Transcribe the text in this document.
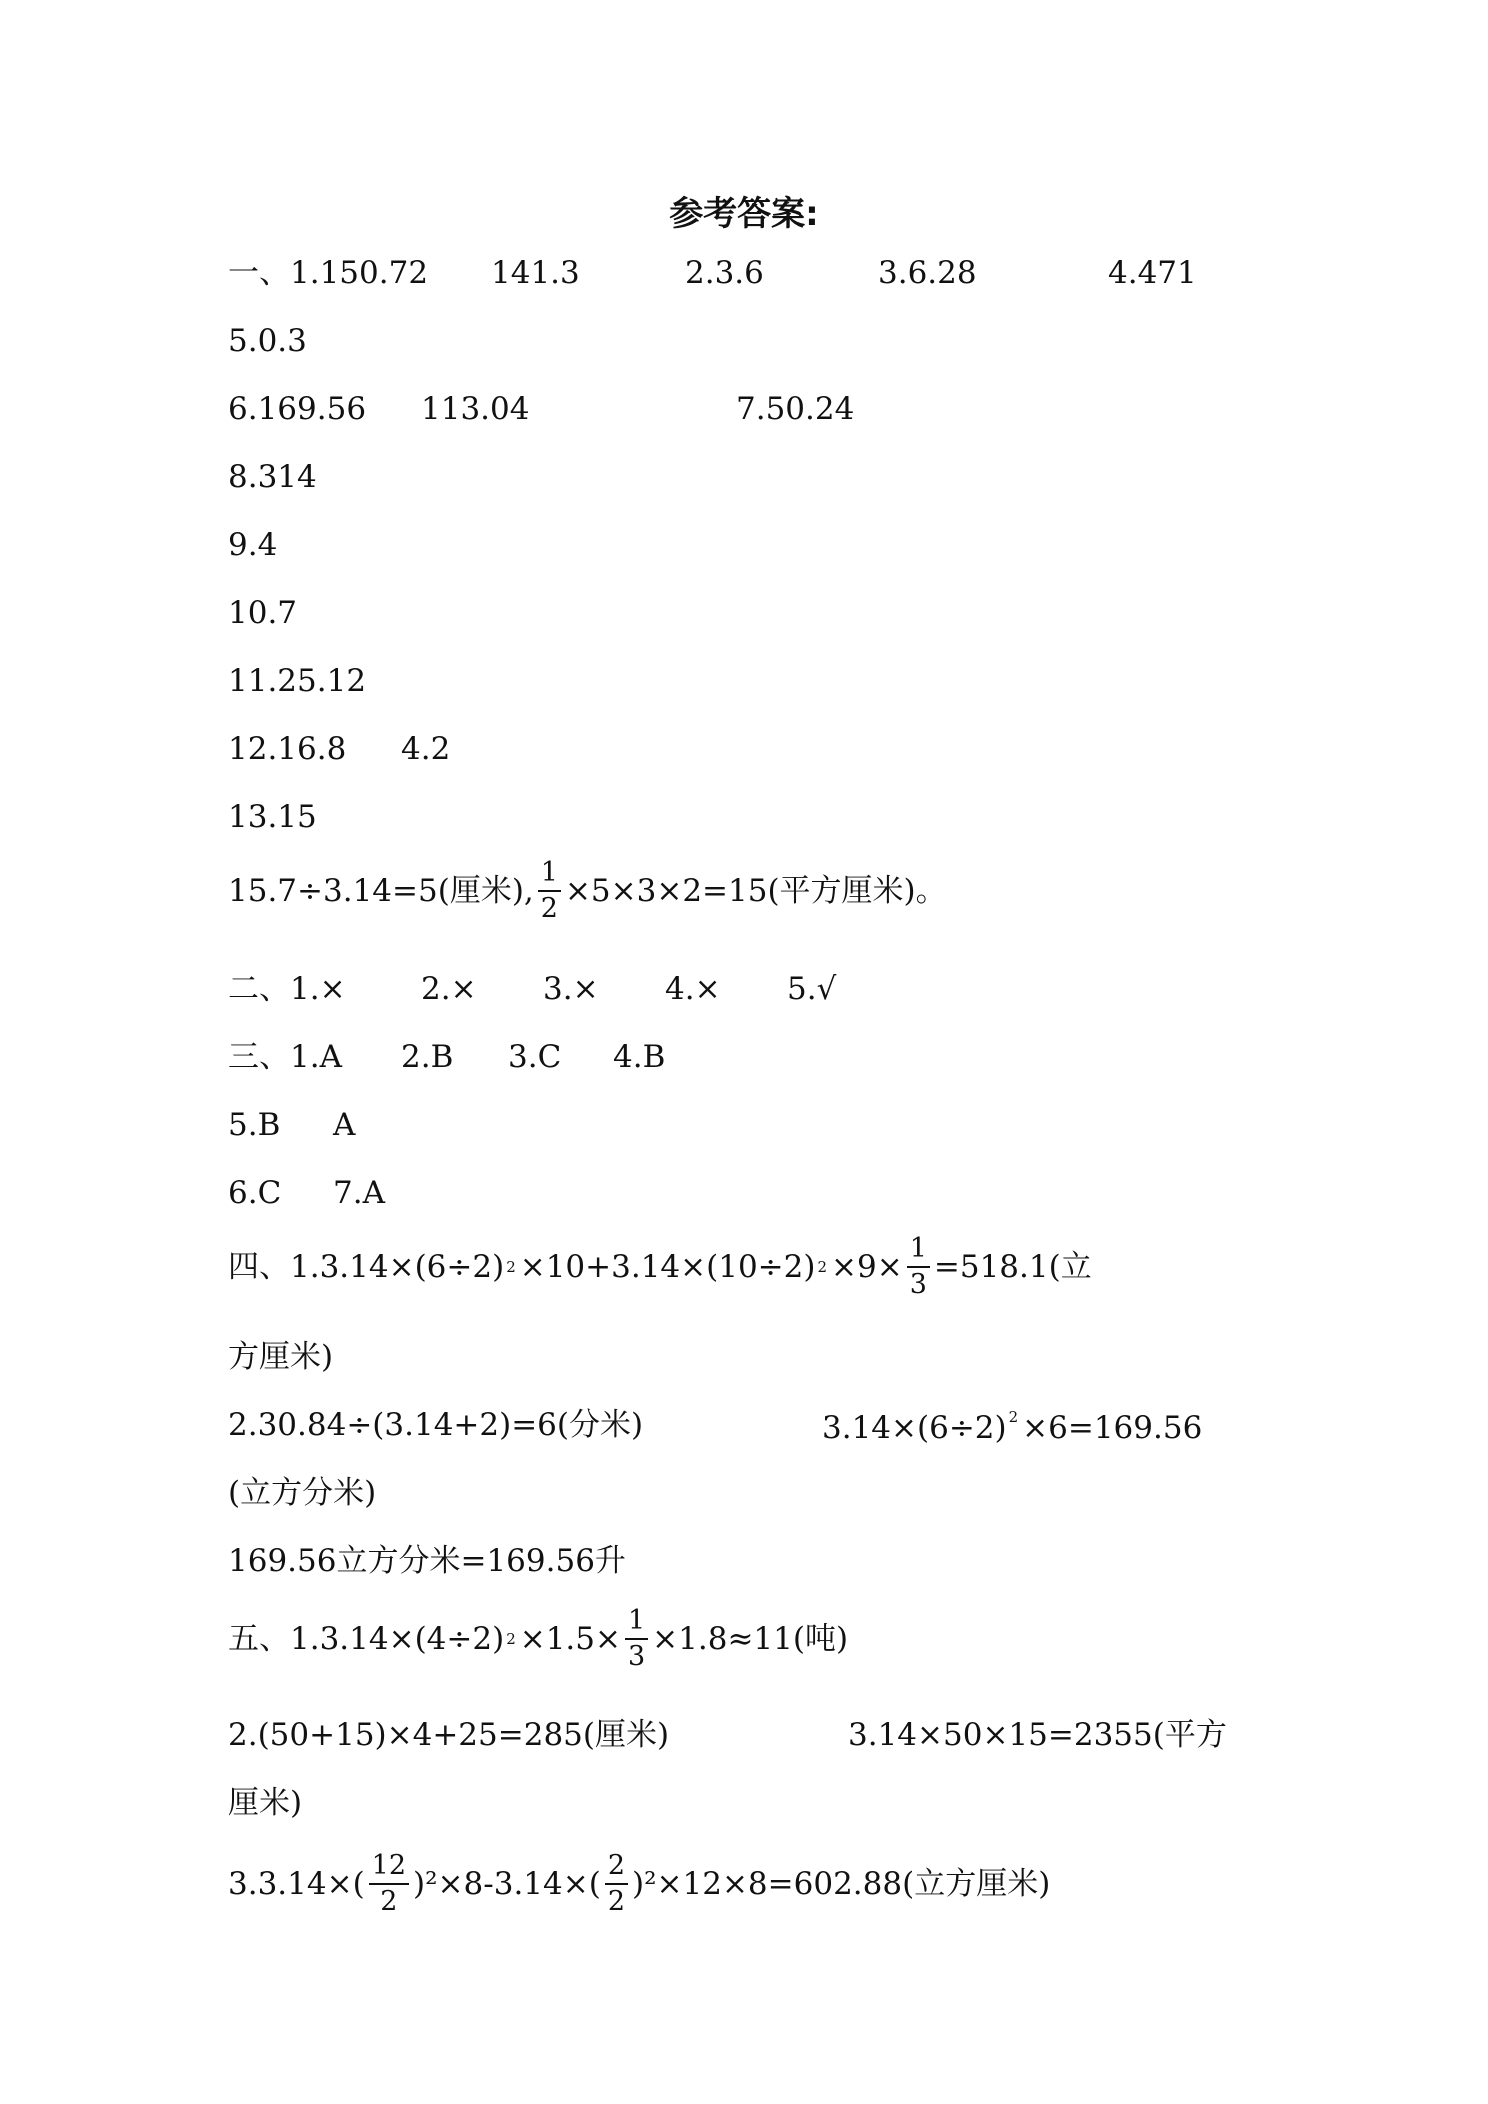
参考答案:
一、1.150.72 141.3	2.3.6	3.6.28	4.471
5.0.3
6.169.56 113.04	7.50.24
8.314
9.4
10.7
11.25.12
12.16.8 4.2
13.15
15.7÷3.14=5(厘米), $\frac{1}{2} \times 5\times 3\times 2=15$(平方厘米)。
二、1.× 2.× 3.× 4.× 5.√
三、1.A 2.B 3.C 4.B
5.B A
6.C 7.A
四、1.3.14×(6÷2) 2 ×10+3.14×(10÷2) $2 \times 9\times \frac{1}{3} =518.1$(立
方厘米)
2.30.84÷(3.14+2)=6(分米)	3.14×(6÷2) $^2$ ×6=169.56
(立方分米)
169.56立方分米=169.56升
五、1.3.14×(4÷2) $2 \times 1.5\times \frac{1}{3} \times 1.8\approx 11$(吨)
2.(50+15)×4+25=285(厘米)	3.14×50×15=2355(平方
厘米)
$3.3.14\times( \frac{12}{2} )^2\times 8-3.14\times( \frac{2}{2} )^2\times 12\times 8=602.88$(立方厘米)
